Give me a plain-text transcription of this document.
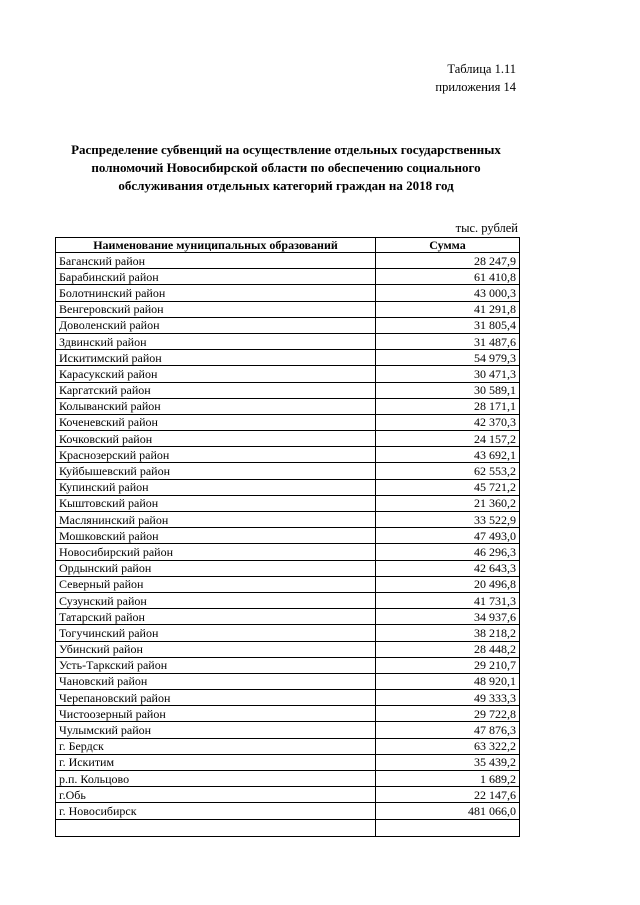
Таблица 1.11
приложения 14
Распределение субвенций на осуществление отдельных государственных
полномочий Новосибирской области по обеспечению социального
обслуживания отдельных категорий граждан на 2018 год
тыс. рублей
Наименование муниципальных образований	Сумма
Баганский район	28 247,9
Барабинский район	61 410,8
Болотнинский район	43 000,3
Венгеровский район	41 291,8
Доволенский район	31 805,4
Здвинский район	31 487,6
Искитимский район	54 979,3
Карасукский район	30 471,3
Каргатский район	30 589,1
Колыванский район	28 171,1
Коченевский район	42 370,3
Кочковский район	24 157,2
Краснозерский район	43 692,1
Куйбышевский район	62 553,2
Купинский район	45 721,2
Кыштовский район	21 360,2
Маслянинский район	33 522,9
Мошковский район	47 493,0
Новосибирский район	46 296,3
Ордынский район	42 643,3
Северный район	20 496,8
Сузунский район	41 731,3
Татарский район	34 937,6
Тогучинский район	38 218,2
Убинский район	28 448,2
Усть-Таркский район	29 210,7
Чановский район	48 920,1
Черепановский район	49 333,3
Чистоозерный район	29 722,8
Чулымский район	47 876,3
г. Бердск	63 322,2
г. Искитим	35 439,2
р.п. Кольцово	1 689,2
г.Обь	22 147,6
г. Новосибирск	481 066,0
